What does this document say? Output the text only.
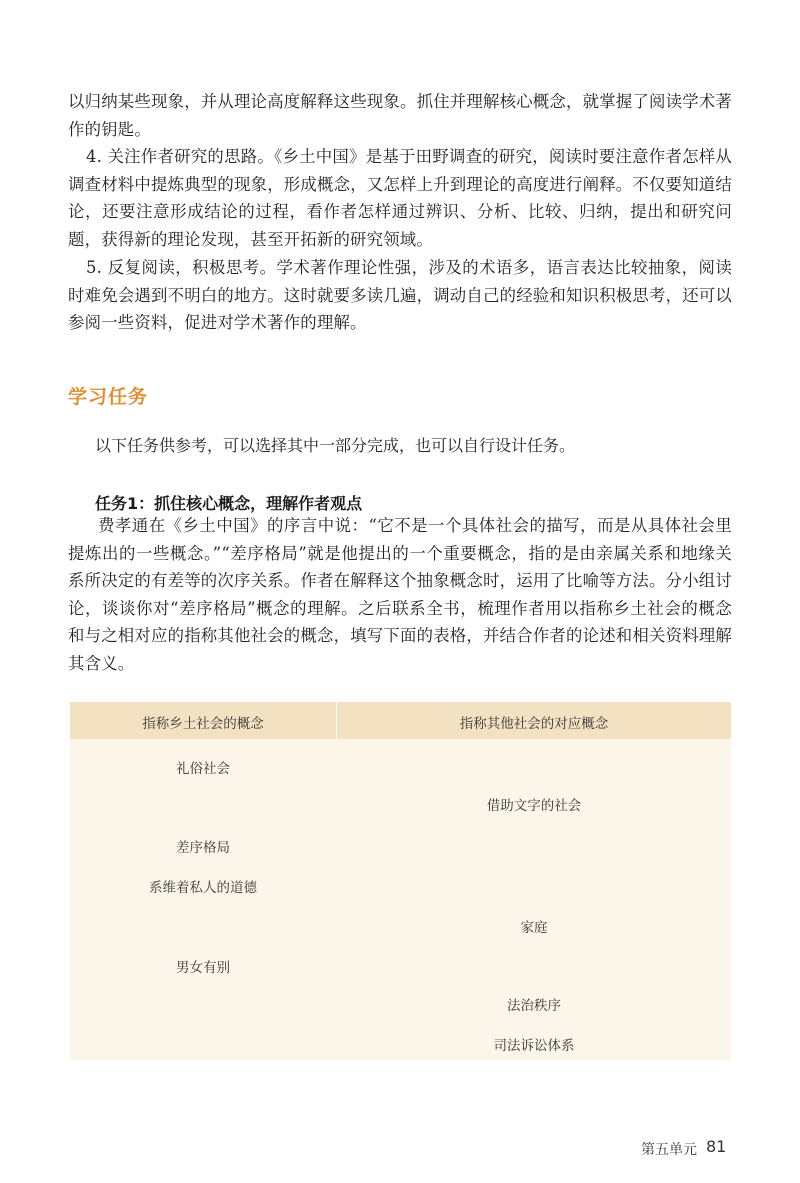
以归纳某些现象，并从理论高度解释这些现象。抓住并理解核心概念，就掌握了阅读学术著作的钥匙。

4. 关注作者研究的思路。《乡土中国》是基于田野调查的研究，阅读时要注意作者怎样从调查材料中提炼典型的现象，形成概念，又怎样上升到理论的高度进行阐释。不仅要知道结论，还要注意形成结论的过程，看作者怎样通过辨识、分析、比较、归纳，提出和研究问题，获得新的理论发现，甚至开拓新的研究领域。

5. 反复阅读，积极思考。学术著作理论性强，涉及的术语多，语言表达比较抽象，阅读时难免会遇到不明白的地方。这时就要多读几遍，调动自己的经验和知识积极思考，还可以参阅一些资料，促进对学术著作的理解。

学习任务

以下任务供参考，可以选择其中一部分完成，也可以自行设计任务。

任务1：抓住核心概念，理解作者观点

费孝通在《乡土中国》的序言中说：“它不是一个具体社会的描写，而是从具体社会里提炼出的一些概念。”“差序格局”就是他提出的一个重要概念，指的是由亲属关系和地缘关系所决定的有差等的次序关系。作者在解释这个抽象概念时，运用了比喻等方法。分小组讨论，谈谈你对“差序格局”概念的理解。之后联系全书，梳理作者用以指称乡土社会的概念和与之相对应的指称其他社会的概念，填写下面的表格，并结合作者的论述和相关资料理解其含义。

指称乡土社会的概念	指称其他社会的对应概念
礼俗社会
借助文字的社会
差序格局
系维着私人的道德
家庭
男女有别
法治秩序
司法诉讼体系
第五单元 81
